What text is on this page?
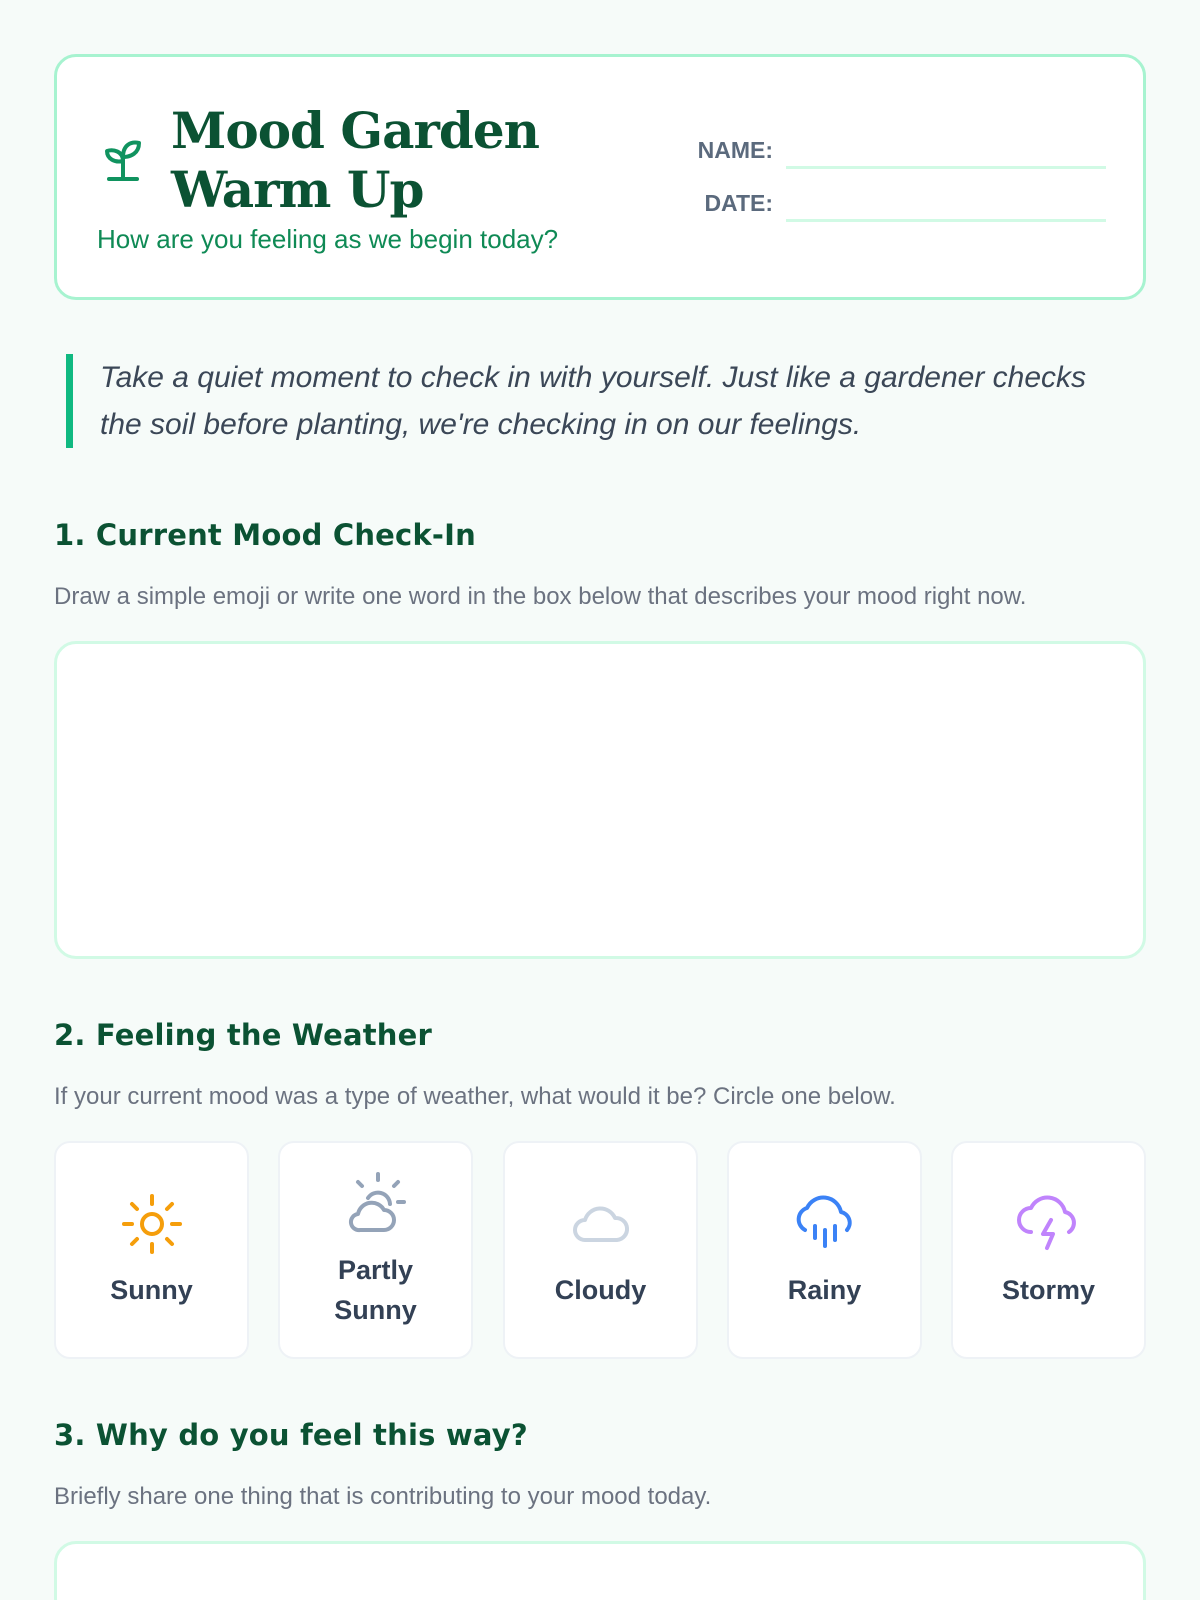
Mood Garden Warm Up
How are you feeling as we begin today?
NAME:
DATE:
Take a quiet moment to check in with yourself. Just like a gardener checks the soil before planting, we're checking in on our feelings.
1. Current Mood Check-In
Draw a simple emoji or write one word in the box below that describes your mood right now.
2. Feeling the Weather
If your current mood was a type of weather, what would it be? Circle one below.
Sunny
Partly Sunny
Cloudy	Rainy	Stormy
3. Why do you feel this way?
Briefly share one thing that is contributing to your mood today.
